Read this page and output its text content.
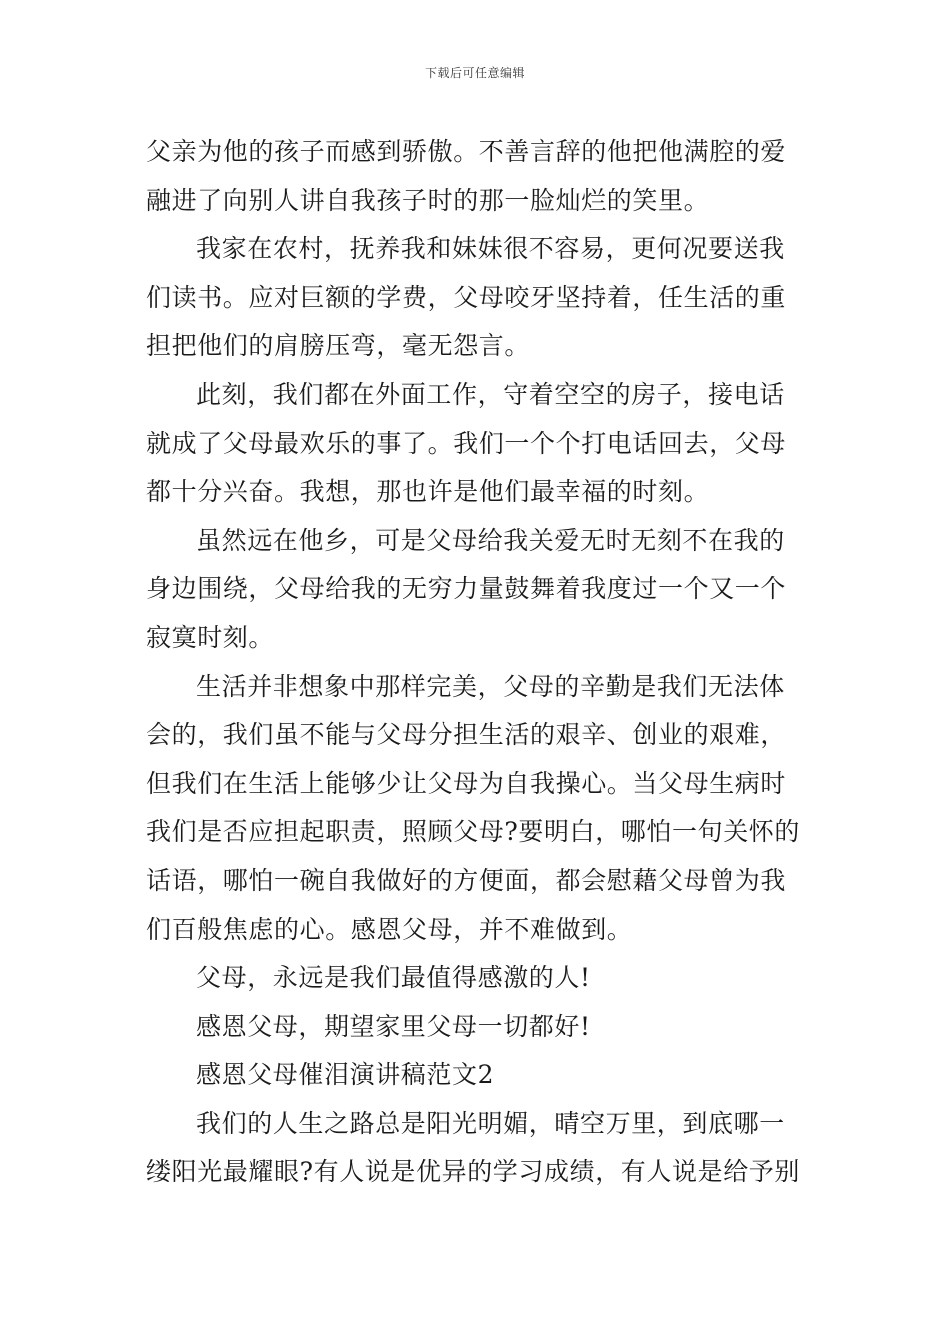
下载后可任意编辑
父亲为他的孩子而感到骄傲。不善言辞的他把他满腔的爱
融进了向别人讲自我孩子时的那一脸灿烂的笑里。
我家在农村，抚养我和妹妹很不容易，更何况要送我
们读书。应对巨额的学费，父母咬牙坚持着，任生活的重
担把他们的肩膀压弯，毫无怨言。
此刻，我们都在外面工作，守着空空的房子，接电话
就成了父母最欢乐的事了。我们一个个打电话回去，父母
都十分兴奋。我想，那也许是他们最幸福的时刻。
虽然远在他乡，可是父母给我关爱无时无刻不在我的
身边围绕，父母给我的无穷力量鼓舞着我度过一个又一个
寂寞时刻。
生活并非想象中那样完美，父母的辛勤是我们无法体
会的，我们虽不能与父母分担生活的艰辛、创业的艰难，
但我们在生活上能够少让父母为自我操心。当父母生病时
我们是否应担起职责，照顾父母?要明白，哪怕一句关怀的
话语，哪怕一碗自我做好的方便面，都会慰藉父母曾为我
们百般焦虑的心。感恩父母，并不难做到。
父母，永远是我们最值得感激的人!
感恩父母，期望家里父母一切都好!
感恩父母催泪演讲稿范文2
我们的人生之路总是阳光明媚，晴空万里，到底哪一
缕阳光最耀眼?有人说是优异的学习成绩，有人说是给予别
